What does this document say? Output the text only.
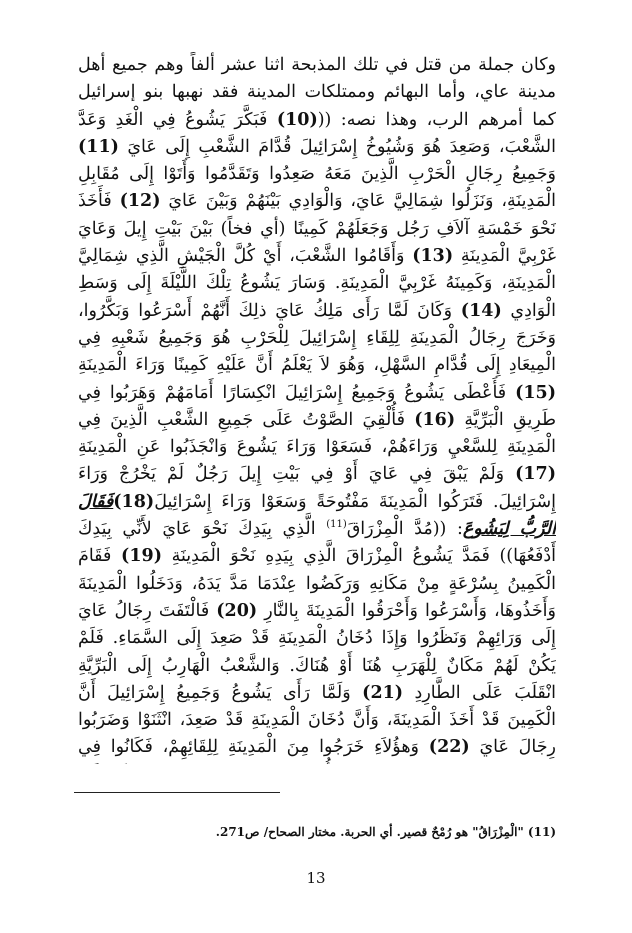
وكان جملة من قتل في تلك المذبحة اثنا عشر ألفاً وهم جميع أهل مدينة عاي، وأما البهائم وممتلكات المدينة فقد نهبها بنو إسرائيل كما أمرهم الرب، وهذا نصه: (((10) فَبَكَّرَ يَشُوعُ فِي الْغَدِ وَعَدَّ الشَّعْبَ، وَصَعِدَ هُوَ وَشُيُوخُ إِسْرَائِيلَ قُدَّامَ الشَّعْبِ إِلَى عَايَ (11) وَجَمِيعُ رِجَالِ الْحَرْبِ الَّذِينَ مَعَهُ صَعِدُوا وَتَقَدَّمُوا وَأَتَوْا إِلَى مُقَابِلِ الْمَدِينَةِ، وَنَزَلُوا شِمَالِيَّ عَايَ، وَالْوَادِي بَيْنَهُمْ وَبَيْنَ عَايَ (12) فَأَخَذَ نَحْوَ خَمْسَةِ آلاَفِ رَجُل وَجَعَلَهُمْ كَمِينًا (أي فخاً) بَيْنَ بَيْتِ إِيلَ وَعَايَ غَرْبِيَّ الْمَدِينَةِ (13) وَأَقَامُوا الشَّعْبَ، أَيْ كُلَّ الْجَيْشِ الَّذِي شِمَالِيَّ الْمَدِينَةِ، وَكَمِينَهُ غَرْبِيَّ الْمَدِينَةِ. وَسَارَ يَشُوعُ تِلْكَ اللَّيْلَةَ إِلَى وَسَطِ الْوَادِي (14) وَكَانَ لَمَّا رَأَى مَلِكُ عَايَ ذلِكَ أَنَّهُمْ أَسْرَعُوا وَبَكَّرُوا، وَخَرَجَ رِجَالُ الْمَدِينَةِ لِلِقَاءِ إِسْرَائِيلَ لِلْحَرْبِ هُوَ وَجَمِيعُ شَعْبِهِ فِي الْمِيعَادِ إِلَى قُدَّامِ السَّهْلِ، وَهُوَ لاَ يَعْلَمُ أَنَّ عَلَيْهِ كَمِينًا وَرَاءَ الْمَدِينَةِ (15) فَأَعْطَى يَشُوعُ وَجَمِيعُ إِسْرَائِيلَ انْكِسَارًا أَمَامَهُمْ وَهَرَبُوا فِي طَرِيقِ الْبَرِّيَّةِ (16) فَأُلْقِيَ الصَّوْتُ عَلَى جَمِيعِ الشَّعْبِ الَّذِينَ فِي الْمَدِينَةِ لِلسَّعْيِ وَرَاءَهُمْ، فَسَعَوْا وَرَاءَ يَشُوعَ وَانْجَذَبُوا عَنِ الْمَدِينَةِ (17) وَلَمْ يَبْقَ فِي عَايَ أَوْ فِي بَيْتِ إِيلَ رَجُلٌ لَمْ يَخْرُجْ وَرَاءَ إِسْرَائِيلَ. فَتَرَكُوا الْمَدِينَةَ مَفْتُوحَةً وَسَعَوْا وَرَاءَ إِسْرَائِيلَ(18)فَقَالَ الرَّبُّ لِيَشُوعَ: ((مُدَّ الْمِزْرَاقَ$^{(11)}$ الَّذِي بِيَدِكَ نَحْوَ عَايَ لأَنِّي بِيَدِكَ أَدْفَعُهَا)) فَمَدَّ يَشُوعُ الْمِزْرَاقَ الَّذِي بِيَدِهِ نَحْوَ الْمَدِينَةِ (19) فَقَامَ الْكَمِينُ بِسُرْعَةٍ مِنْ مَكَانِهِ وَرَكَضُوا عِنْدَمَا مَدَّ يَدَهُ، وَدَخَلُوا الْمَدِينَةَ وَأَخَذُوهَا، وَأَسْرَعُوا وَأَحْرَقُوا الْمَدِينَةَ بِالنَّارِ (20) فَالْتَفَتَ رِجَالُ عَايَ إِلَى وَرَائِهِمْ وَنَظَرُوا وَإِذَا دُخَانُ الْمَدِينَةِ قَدْ صَعِدَ إِلَى السَّمَاءِ. فَلَمْ يَكُنْ لَهُمْ مَكَانٌ لِلْهَرَبِ هُنَا أَوْ هُنَاكَ. وَالشَّعْبُ الْهَارِبُ إِلَى الْبَرِّيَّةِ انْقَلَبَ عَلَى الطَّارِدِ (21) وَلَمَّا رَأَى يَشُوعُ وَجَمِيعُ إِسْرَائِيلَ أَنَّ الْكَمِينَ قَدْ أَخَذَ الْمَدِينَةَ، وَأَنَّ دُخَانَ الْمَدِينَةِ قَدْ صَعِدَ، انْثَنَوْا وَضَرَبُوا رِجَالَ عَايَ (22) وَهؤُلاَءِ خَرَجُوا مِنَ الْمَدِينَةِ لِلِقَائِهِمْ، فَكَانُوا فِي
(11) "الْمِزْرَاقُ" هو رُمْحٌ قصير. أي الحربة. مختار الصحاح/ ص271.
13
